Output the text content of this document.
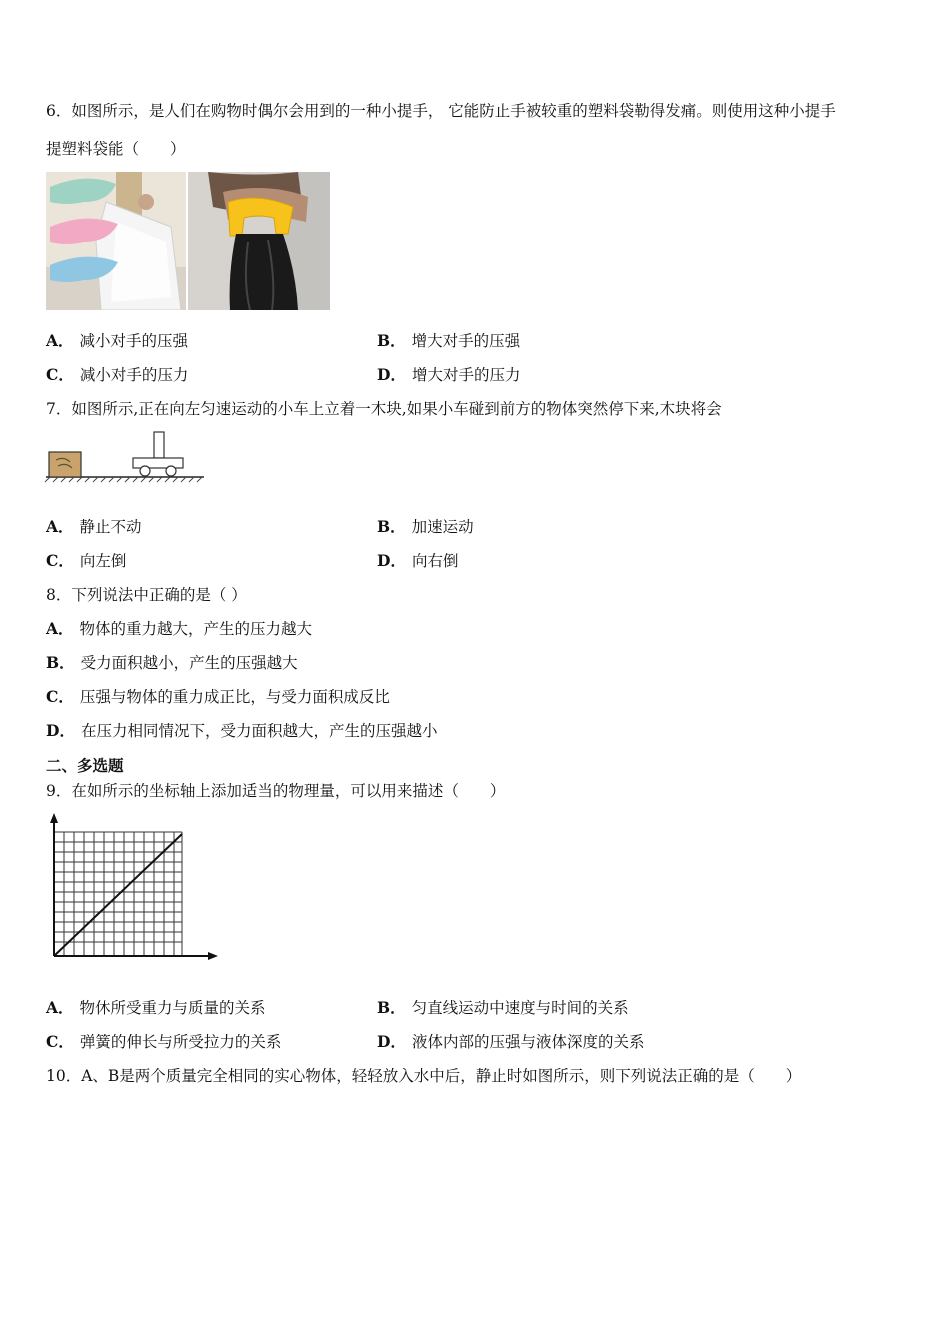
6．如图所示，是人们在购物时偶尔会用到的一种小提手， 它能防止手被较重的塑料袋勒得发痛。则使用这种小提手
提塑料袋能（　　）
A． 减小对手的压强	B． 增大对手的压强
C． 减小对手的压力	D． 增大对手的压力
7．如图所示,正在向左匀速运动的小车上立着一木块,如果小车碰到前方的物体突然停下来,木块将会
A． 静止不动	B． 加速运动
C． 向左倒	D． 向右倒
8．下列说法中正确的是（ ）
A． 物体的重力越大，产生的压力越大
B． 受力面积越小，产生的压强越大
C． 压强与物体的重力成正比，与受力面积成反比
D． 在压力相同情况下，受力面积越大，产生的压强越小
二、多选题
9．在如所示的坐标轴上添加适当的物理量，可以用来描述（　　）
A． 物休所受重力与质量的关系	B． 匀直线运动中速度与时间的关系
C． 弹簧的伸长与所受拉力的关系	D． 液体内部的压强与液体深度的关系
10．A、B是两个质量完全相同的实心物体，轻轻放入水中后，静止时如图所示，则下列说法正确的是（　　）
